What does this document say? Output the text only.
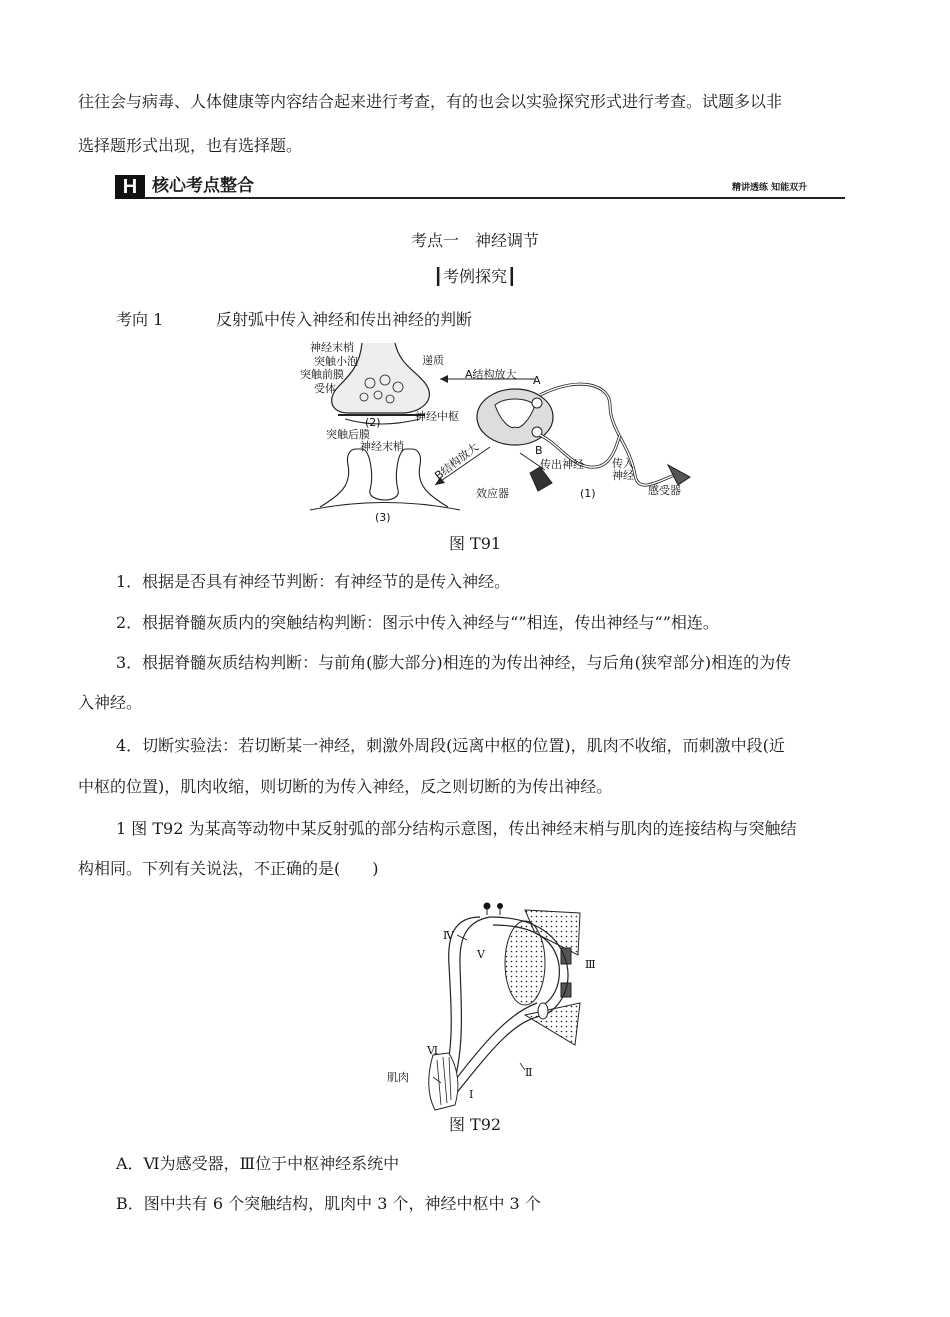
往往会与病毒、人体健康等内容结合起来进行考查，有的也会以实验探究形式进行考查。试题多以非
选择题形式出现，也有选择题。
H 核心考点整合	精讲透练 知能双升
考点一　神经调节
┃考例探究┃
考向 1	反射弧中传入神经和传出神经的判断
神经末梢
突触小泡
突触前膜
受体
递质
A结构放大 A
(2)	神经中枢
突触后膜
B
神经末梢	B结构放大	传出神经	传入神经
感受器
效应器	(1)
(3)
图 T91
1．根据是否具有神经节判断：有神经节的是传入神经。
2．根据脊髓灰质内的突触结构判断：图示中传入神经与“”相连，传出神经与“”相连。
3．根据脊髓灰质结构判断：与前角(膨大部分)相连的为传出神经，与后角(狭窄部分)相连的为传
入神经。
4．切断实验法：若切断某一神经，刺激外周段(远离中枢的位置)，肌肉不收缩，而刺激中段(近
中枢的位置)，肌肉收缩，则切断的为传入神经，反之则切断的为传出神经。
1 图 T92 为某高等动物中某反射弧的部分结构示意图，传出神经末梢与肌肉的连接结构与突触结
构相同。下列有关说法，不正确的是(　　)
Ⅳ
Ⅴ
Ⅲ
Ⅱ
Ⅵ
Ⅰ
肌肉
图 T92
A．Ⅵ为感受器，Ⅲ位于中枢神经系统中
B．图中共有 6 个突触结构，肌肉中 3 个，神经中枢中 3 个
